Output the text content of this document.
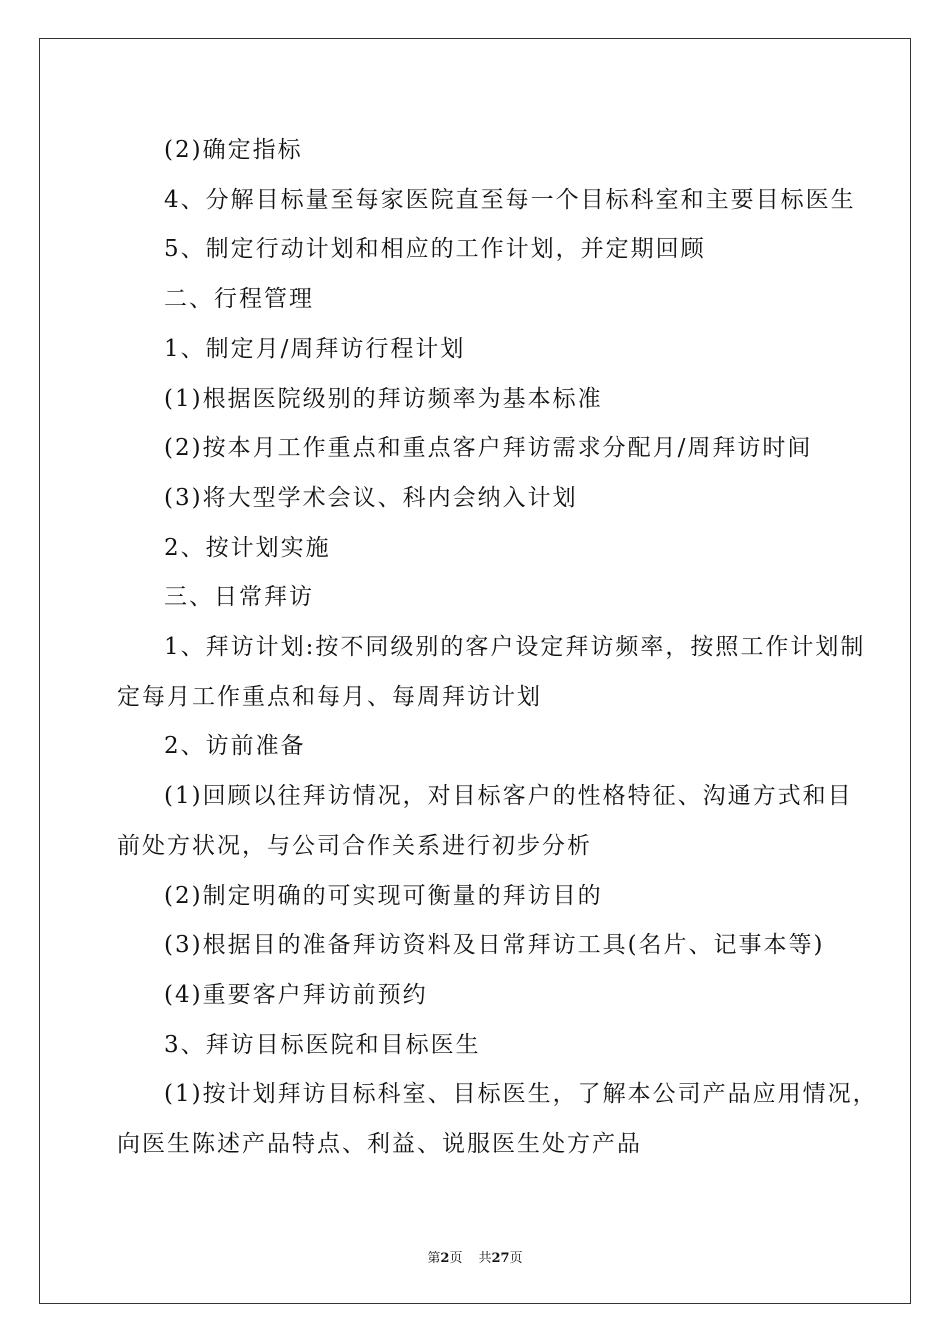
(2)确定指标
4、分解目标量至每家医院直至每一个目标科室和主要目标医生
5、制定行动计划和相应的工作计划，并定期回顾
二、行程管理
1、制定月/周拜访行程计划
(1)根据医院级别的拜访频率为基本标准
(2)按本月工作重点和重点客户拜访需求分配月/周拜访时间
(3)将大型学术会议、科内会纳入计划
2、按计划实施
三、日常拜访
1、拜访计划:按不同级别的客户设定拜访频率，按照工作计划制
定每月工作重点和每月、每周拜访计划
2、访前准备
(1)回顾以往拜访情况，对目标客户的性格特征、沟通方式和目
前处方状况，与公司合作关系进行初步分析
(2)制定明确的可实现可衡量的拜访目的
(3)根据目的准备拜访资料及日常拜访工具(名片、记事本等)
(4)重要客户拜访前预约
3、拜访目标医院和目标医生
(1)按计划拜访目标科室、目标医生，了解本公司产品应用情况，
向医生陈述产品特点、利益、说服医生处方产品
第2页 共27页
